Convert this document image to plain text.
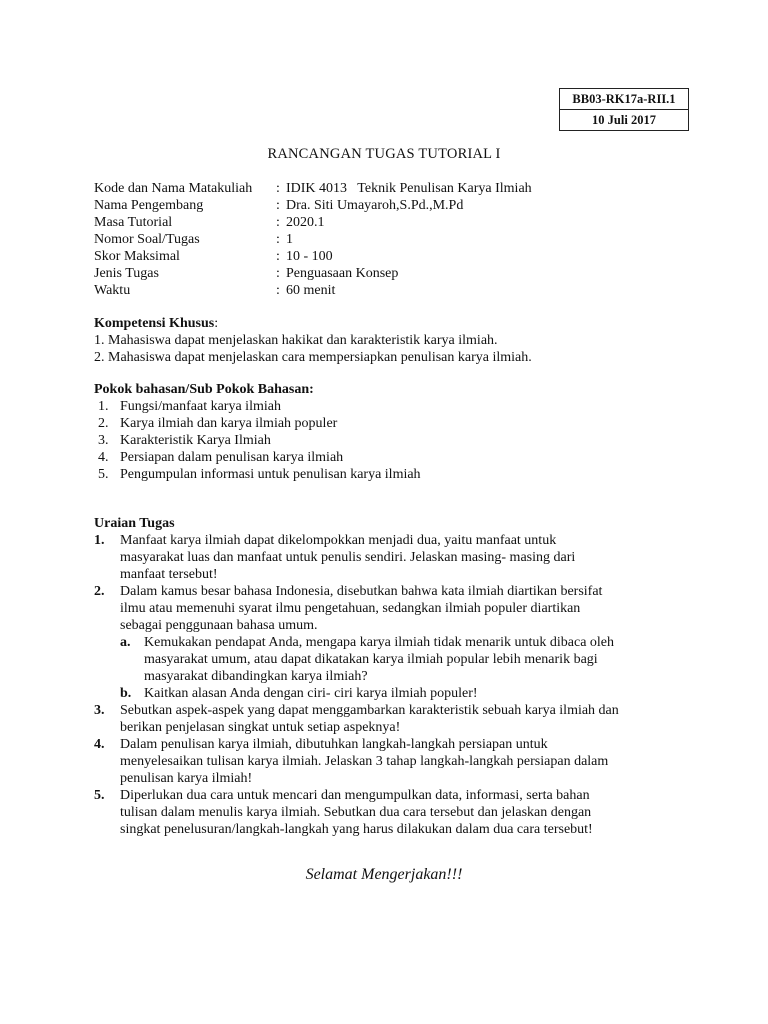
BB03-RK17a-RII.1
10 Juli 2017
RANCANGAN TUGAS TUTORIAL I
Kode dan Nama Matakuliah : IDIK 4013   Teknik Penulisan Karya Ilmiah
Nama Pengembang	: Dra. Siti Umayaroh,S.Pd.,M.Pd
Masa Tutorial	: 2020.1
Nomor Soal/Tugas	: 1
Skor Maksimal	: 10 - 100
Jenis Tugas	: Penguasaan Konsep
Waktu	: 60 menit
Kompetensi Khusus:
1. Mahasiswa dapat menjelaskan hakikat dan karakteristik karya ilmiah.
2. Mahasiswa dapat menjelaskan cara mempersiapkan penulisan karya ilmiah.
Pokok bahasan/Sub Pokok Bahasan:
1. Fungsi/manfaat karya ilmiah
2. Karya ilmiah dan karya ilmiah populer
3. Karakteristik Karya Ilmiah
4. Persiapan dalam penulisan karya ilmiah
5. Pengumpulan informasi untuk penulisan karya ilmiah
Uraian Tugas
1. Manfaat karya ilmiah dapat dikelompokkan menjadi dua, yaitu manfaat untuk
masyarakat luas dan manfaat untuk penulis sendiri. Jelaskan masing- masing dari
manfaat tersebut!
2. Dalam kamus besar bahasa Indonesia, disebutkan bahwa kata ilmiah diartikan bersifat
ilmu atau memenuhi syarat ilmu pengetahuan, sedangkan ilmiah populer diartikan
sebagai penggunaan bahasa umum.
a. Kemukakan pendapat Anda, mengapa karya ilmiah tidak menarik untuk dibaca oleh
masyarakat umum, atau dapat dikatakan karya ilmiah popular lebih menarik bagi
masyarakat dibandingkan karya ilmiah?
b. Kaitkan alasan Anda dengan ciri- ciri karya ilmiah populer!
3. Sebutkan aspek-aspek yang dapat menggambarkan karakteristik sebuah karya ilmiah dan
berikan penjelasan singkat untuk setiap aspeknya!
4. Dalam penulisan karya ilmiah, dibutuhkan langkah-langkah persiapan untuk
menyelesaikan tulisan karya ilmiah. Jelaskan 3 tahap langkah-langkah persiapan dalam
penulisan karya ilmiah!
5. Diperlukan dua cara untuk mencari dan mengumpulkan data, informasi, serta bahan
tulisan dalam menulis karya ilmiah. Sebutkan dua cara tersebut dan jelaskan dengan
singkat penelusuran/langkah-langkah yang harus dilakukan dalam dua cara tersebut!
Selamat Mengerjakan!!!
